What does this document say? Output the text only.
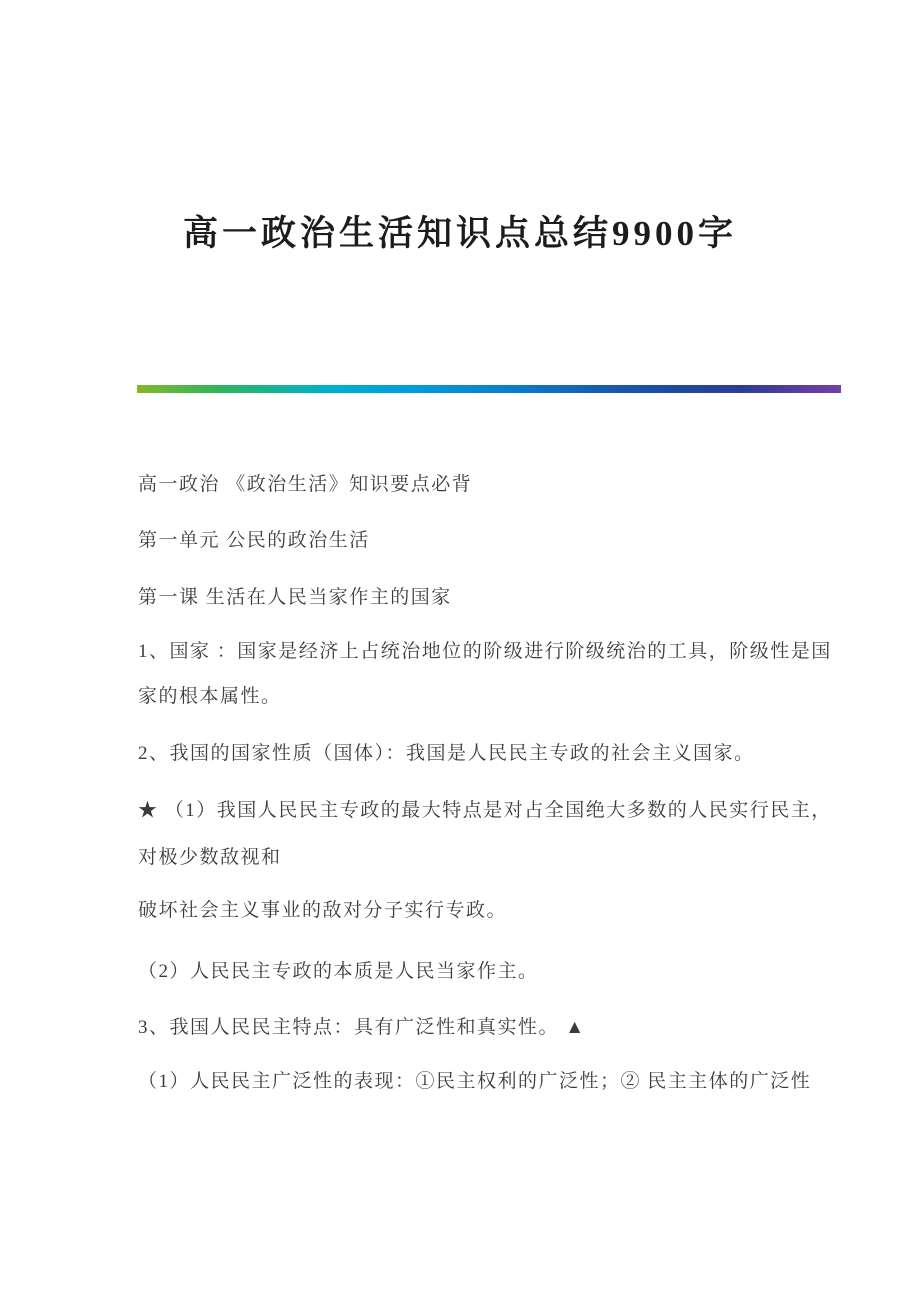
高一政治生活知识点总结9900字

高一政治 《政治生活》知识要点必背

第一单元 公民的政治生活

第一课 生活在人民当家作主的国家

1、国家 ：国家是经济上占统治地位的阶级进行阶级统治的工具，阶级性是国

家的根本属性。

2、我国的国家性质（国体）：我国是人民民主专政的社会主义国家。

★ （1）我国人民民主专政的最大特点是对占全国绝大多数的人民实行民主，

对极少数敌视和

破坏社会主义事业的敌对分子实行专政。

（2）人民民主专政的本质是人民当家作主。

3、我国人民民主特点：具有广泛性和真实性。 ▲

（1）人民民主广泛性的表现：①民主权利的广泛性；② 民主主体的广泛性
